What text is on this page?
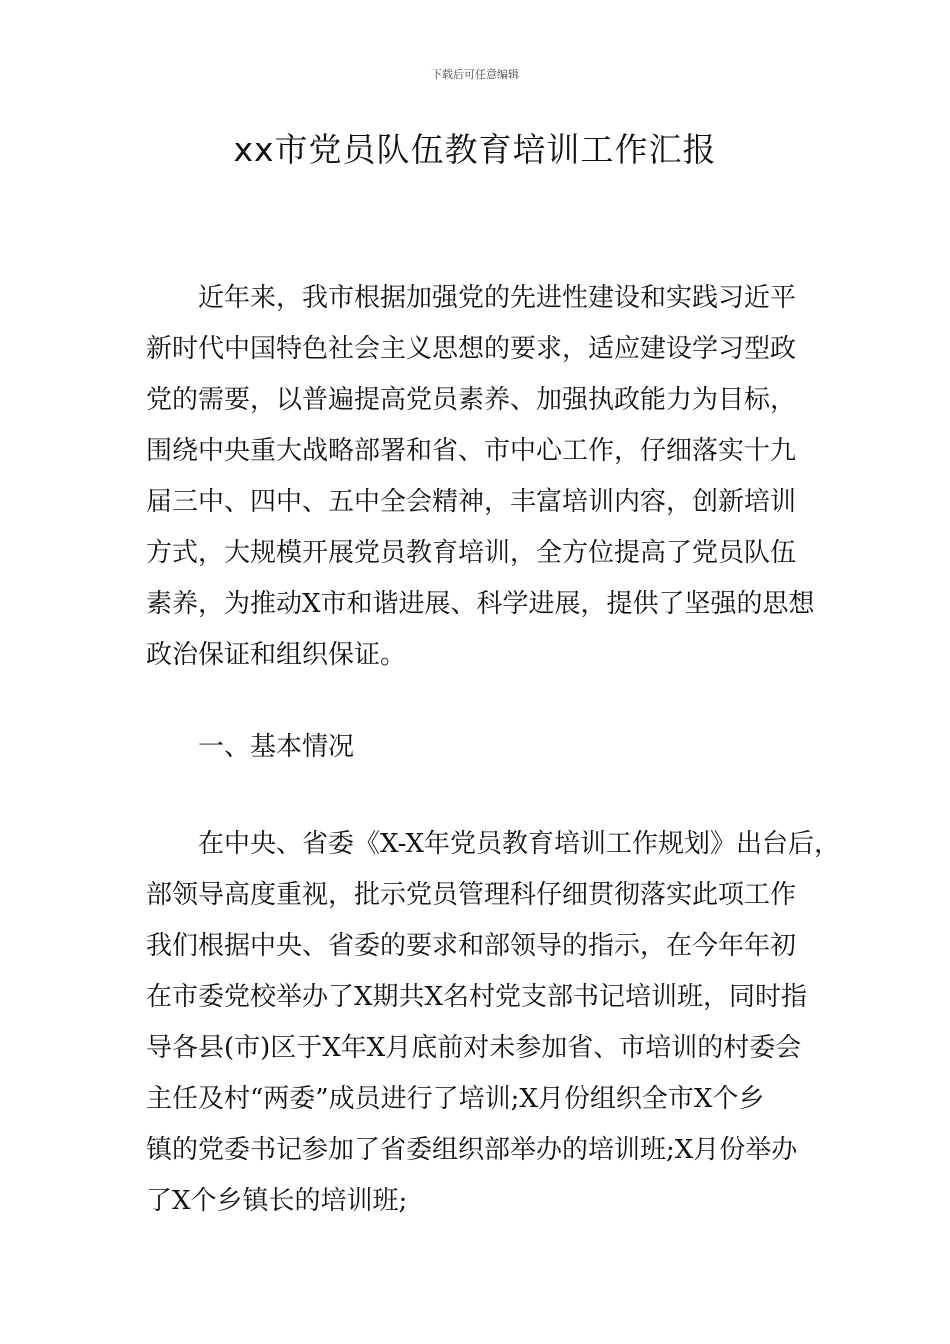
下载后可任意编辑
xx市党员队伍教育培训工作汇报
近年来，我市根据加强党的先进性建设和实践习近平
新时代中国特色社会主义思想的要求，适应建设学习型政
党的需要，以普遍提高党员素养、加强执政能力为目标，
围绕中央重大战略部署和省、市中心工作，仔细落实十九
届三中、四中、五中全会精神，丰富培训内容，创新培训
方式，大规模开展党员教育培训，全方位提高了党员队伍
素养，为推动X市和谐进展、科学进展，提供了坚强的思想
政治保证和组织保证。
一、基本情况
在中央、省委《X-X年党员教育培训工作规划》出台后，
部领导高度重视，批示党员管理科仔细贯彻落实此项工作
我们根据中央、省委的要求和部领导的指示，在今年年初
在市委党校举办了X期共X名村党支部书记培训班，同时指
导各县(市)区于X年X月底前对未参加省、市培训的村委会
主任及村“两委”成员进行了培训;X月份组织全市X个乡
镇的党委书记参加了省委组织部举办的培训班;X月份举办
了X个乡镇长的培训班;
